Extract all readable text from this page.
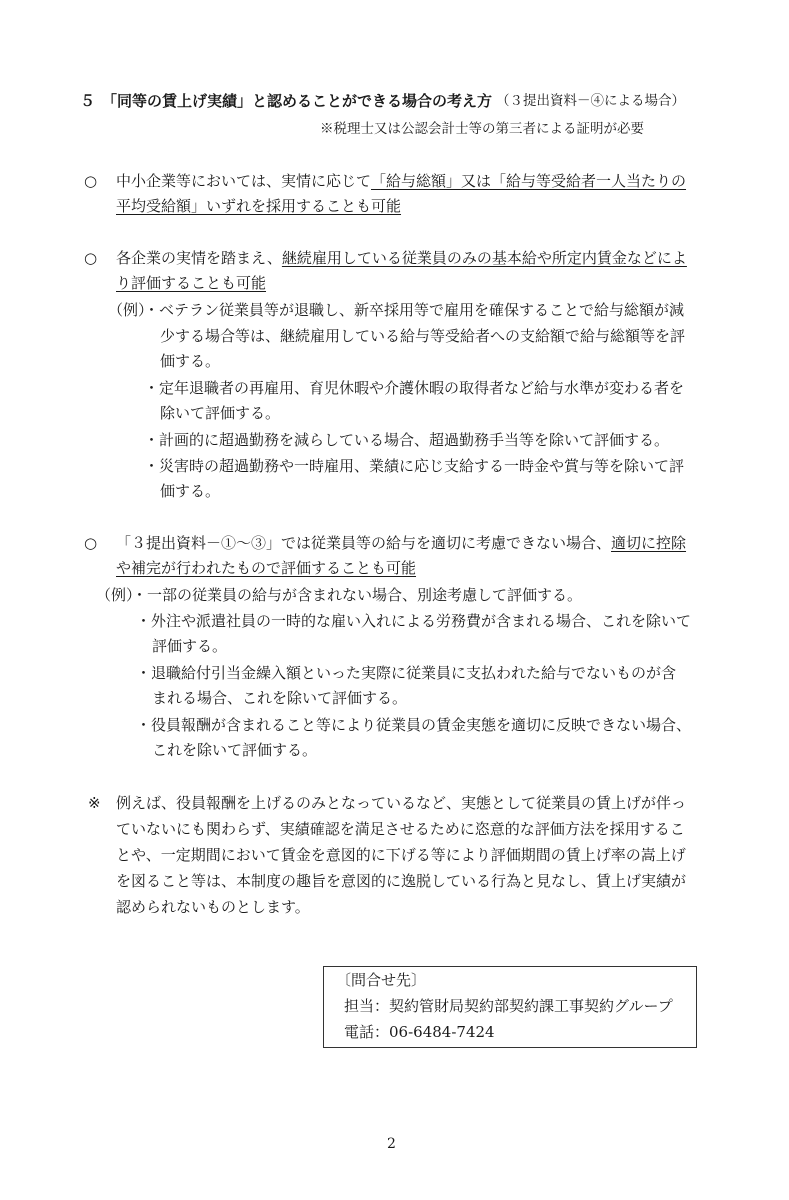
５ 「同等の賃上げ実績」と認めることができる場合の考え方 （３提出資料－④による場合）
※税理士又は公認会計士等の第三者による証明が必要
○ 中小企業等においては、実情に応じて「給与総額」又は「給与等受給者一人当たりの
平均受給額」いずれを採用することも可能
○ 各企業の実情を踏まえ、継続雇用している従業員のみの基本給や所定内賃金などによ
り評価することも可能
（例）
・ベテラン従業員等が退職し、新卒採用等で雇用を確保することで給与総額が減
少する場合等は、継続雇用している給与等受給者への支給額で給与総額等を評
価する。
・定年退職者の再雇用、育児休暇や介護休暇の取得者など給与水準が変わる者を
除いて評価する。
・計画的に超過勤務を減らしている場合、超過勤務手当等を除いて評価する。
・災害時の超過勤務や一時雇用、業績に応じ支給する一時金や賞与等を除いて評
価する。
○ 「３提出資料－①～③」では従業員等の給与を適切に考慮できない場合、適切に控除
や補完が行われたもので評価することも可能
（例）
・一部の従業員の給与が含まれない場合、別途考慮して評価する。
・外注や派遣社員の一時的な雇い入れによる労務費が含まれる場合、これを除いて
評価する。
・退職給付引当金繰入額といった実際に従業員に支払われた給与でないものが含
まれる場合、これを除いて評価する。
・役員報酬が含まれること等により従業員の賃金実態を適切に反映できない場合、
これを除いて評価する。
※ 例えば、役員報酬を上げるのみとなっているなど、実態として従業員の賃上げが伴っ
ていないにも関わらず、実績確認を満足させるために恣意的な評価方法を採用するこ
とや、一定期間において賃金を意図的に下げる等により評価期間の賃上げ率の嵩上げ
を図ること等は、本制度の趣旨を意図的に逸脱している行為と見なし、賃上げ実績が
認められないものとします。
〔問合せ先〕
担当：契約管財局契約部契約課工事契約グループ
電話：06-6484-7424
2
